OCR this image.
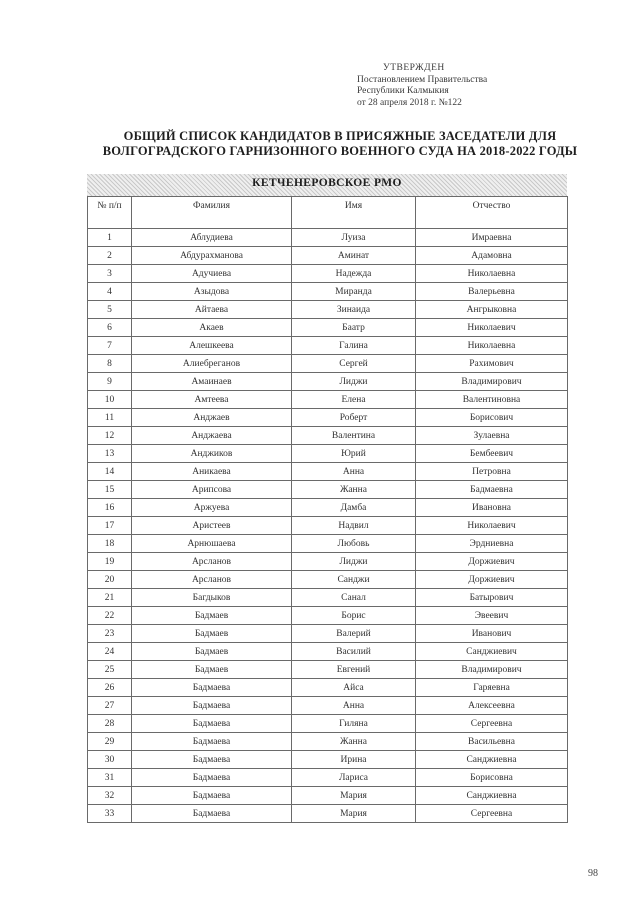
УТВЕРЖДЕН
Постановлением Правительства
Республики Калмыкия
от 28 апреля 2018 г. №122
ОБЩИЙ СПИСОК КАНДИДАТОВ В ПРИСЯЖНЫЕ ЗАСЕДАТЕЛИ ДЛЯ
ВОЛГОГРАДСКОГО ГАРНИЗОННОГО ВОЕННОГО СУДА НА 2018-2022 ГОДЫ
КЕТЧЕНЕРОВСКОЕ РМО
№ п/п	Фамилия	Имя	Отчество
1	Аблудиева	Луиза	Имраевна
2	Абдурахманова	Аминат	Адамовна
3	Адучиева	Надежда	Николаевна
4	Азыдова	Миранда	Валерьевна
5	Айтаева	Зинаида	Ангрыковна
6	Акаев	Баатр	Николаевич
7	Алешкеева	Галина	Николаевна
8	Алиебреганов	Сергей	Рахимович
9	Амаинаев	Лиджи	Владимирович
10	Амтеева	Елена	Валентиновна
11	Анджаев	Роберт	Борисович
12	Анджаева	Валентина	Зулаевна
13	Анджиков	Юрий	Бембеевич
14	Аникаева	Анна	Петровна
15	Арипсова	Жанна	Бадмаевна
16	Аржуева	Дамба	Ивановна
17	Аристеев	Надвил	Николаевич
18	Арнюшаева	Любовь	Эрдниевна
19	Арсланов	Лиджи	Доржиевич
20	Арсланов	Санджи	Доржиевич
21	Багдыков	Санал	Батырович
22	Бадмаев	Борис	Эвеевич
23	Бадмаев	Валерий	Иванович
24	Бадмаев	Василий	Санджиевич
25	Бадмаев	Евгений	Владимирович
26	Бадмаева	Айса	Гаряевна
27	Бадмаева	Анна	Алексеевна
28	Бадмаева	Гиляна	Сергеевна
29	Бадмаева	Жанна	Васильевна
30	Бадмаева	Ирина	Санджиевна
31	Бадмаева	Лариса	Борисовна
32	Бадмаева	Мария	Санджиевна
33	Бадмаева	Мария	Сергеевна
98
